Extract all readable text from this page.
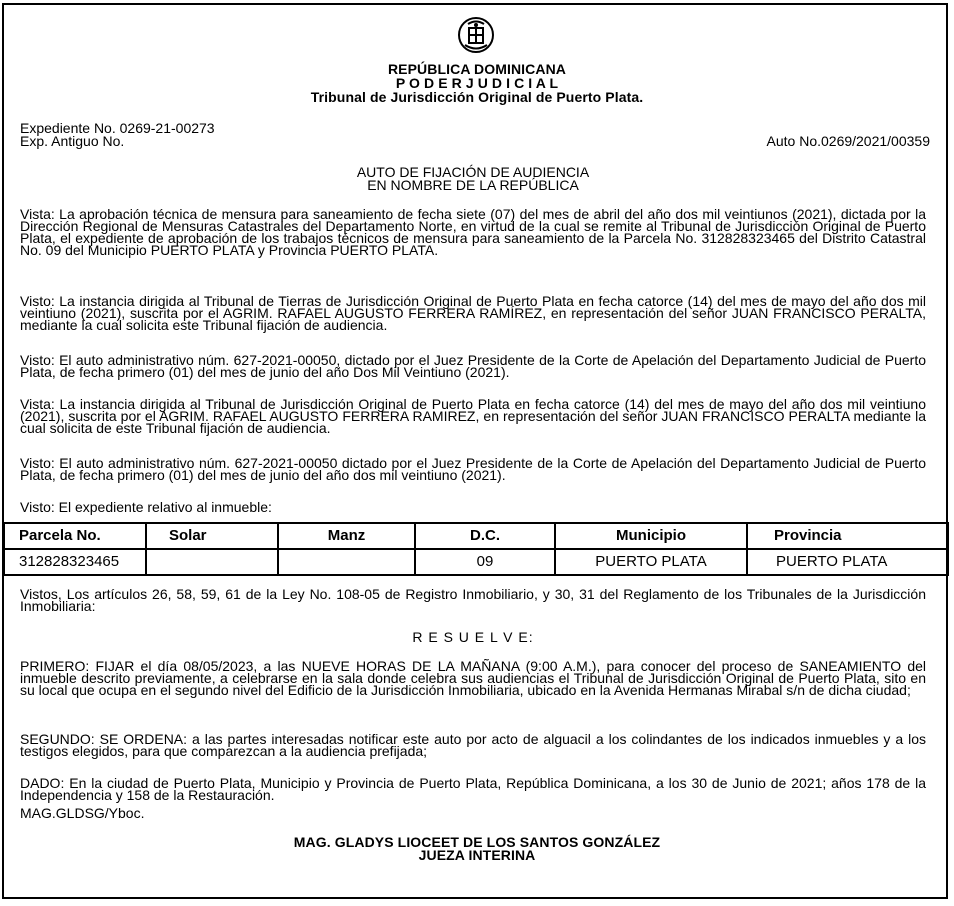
REPÚBLICA DOMINICANA
P O D E R J U D I C I A L
Tribunal de Jurisdicción Original de Puerto Plata.
Expediente No. 0269-21-00273
Exp. Antiguo No.	Auto No.0269/2021/00359
AUTO DE FIJACIÓN DE AUDIENCIA
EN NOMBRE DE LA REPÚBLICA
Vista: La aprobación técnica de mensura para saneamiento de fecha siete (07) del mes de abril del año dos mil veintiunos (2021), dictada por la Dirección Regional de Mensuras Catastrales del Departamento Norte, en virtud de la cual se remite al Tribunal de Jurisdicción Original de Puerto Plata, el expediente de aprobación de los trabajos técnicos de mensura para saneamiento de la Parcela No. 312828323465 del Distrito Catastral No. 09 del Municipio PUERTO PLATA y Provincia PUERTO PLATA.
Visto: La instancia dirigida al Tribunal de Tierras de Jurisdicción Original de Puerto Plata en fecha catorce (14) del mes de mayo del año dos mil veintiuno (2021), suscrita por el AGRIM. RAFAEL AUGUSTO FERRERA RAMÍREZ, en representación del señor JUAN FRANCISCO PERALTA, mediante la cual solicita este Tribunal fijación de audiencia.
Visto: El auto administrativo núm. 627-2021-00050, dictado por el Juez Presidente de la Corte de Apelación del Departamento Judicial de Puerto Plata, de fecha primero (01) del mes de junio del año Dos Mil Veintiuno (2021).
Vista: La instancia dirigida al Tribunal de Jurisdicción Original de Puerto Plata en fecha catorce (14) del mes de mayo del año dos mil veintiuno (2021), suscrita por el AGRIM. RAFAEL AUGUSTO FERRERA RAMIREZ, en representación del señor JUAN FRANCISCO PERALTA mediante la cual solicita de este Tribunal fijación de audiencia.
Visto: El auto administrativo núm. 627-2021-00050 dictado por el Juez Presidente de la Corte de Apelación del Departamento Judicial de Puerto Plata, de fecha primero (01) del mes de junio del año dos mil veintiuno (2021).
Visto: El expediente relativo al inmueble:
Parcela No.	Solar	Manz	D.C.	Municipio	Provincia
312828323465			09	PUERTO PLATA	PUERTO PLATA
Vistos, Los artículos 26, 58, 59, 61 de la Ley No. 108-05 de Registro Inmobiliario, y 30, 31 del Reglamento de los Tribunales de la Jurisdicción Inmobiliaria:
R E S U E L V E:
PRIMERO: FIJAR el día 08/05/2023, a las NUEVE HORAS DE LA MAÑANA (9:00 A.M.), para conocer del proceso de SANEAMIENTO del inmueble descrito previamente, a celebrarse en la sala donde celebra sus audiencias el Tribunal de Jurisdicción Original de Puerto Plata, sito en su local que ocupa en el segundo nivel del Edificio de la Jurisdicción Inmobiliaria, ubicado en la Avenida Hermanas Mirabal s/n de dicha ciudad;
SEGUNDO: SE ORDENA: a las partes interesadas notificar este auto por acto de alguacil a los colindantes de los indicados inmuebles y a los testigos elegidos, para que comparezcan a la audiencia prefijada;
DADO: En la ciudad de Puerto Plata, Municipio y Provincia de Puerto Plata, República Dominicana, a los 30 de Junio de 2021; años 178 de la Independencia y 158 de la Restauración.
MAG.GLDSG/Yboc.
MAG. GLADYS LIOCEET DE LOS SANTOS GONZÁLEZ
JUEZA INTERINA
